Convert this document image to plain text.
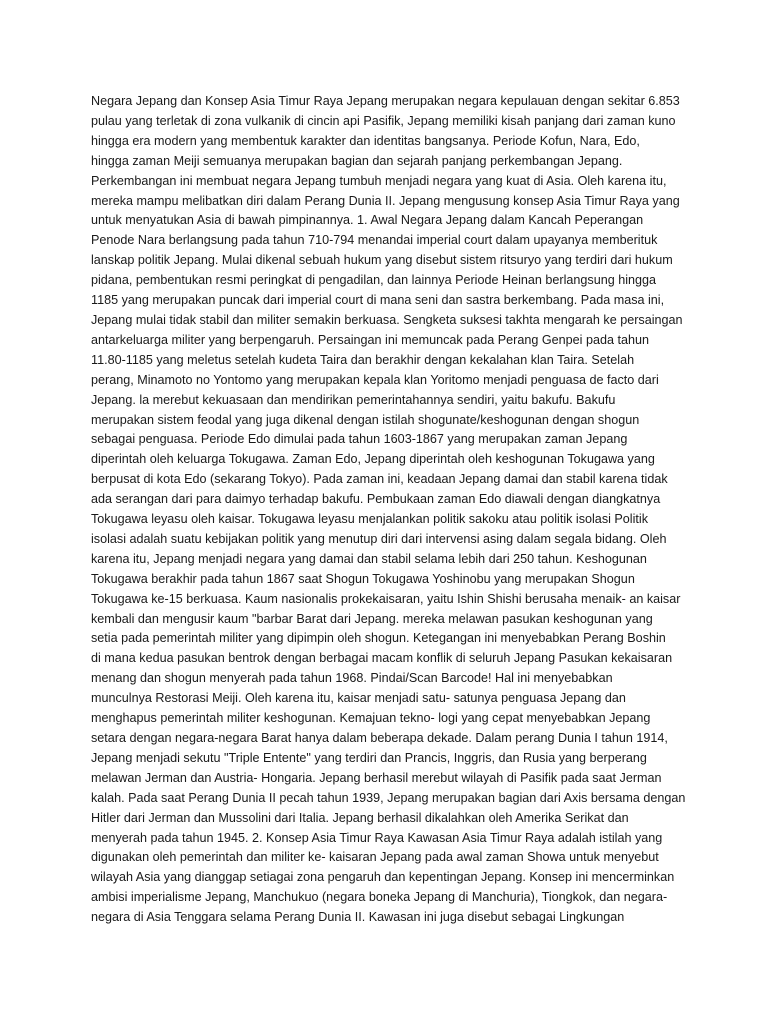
Negara Jepang dan Konsep Asia Timur Raya Jepang merupakan negara kepulauan dengan sekitar 6.853
pulau yang terletak di zona vulkanik di cincin api Pasifik, Jepang memiliki kisah panjang dari zaman kuno
hingga era modern yang membentuk karakter dan identitas bangsanya. Periode Kofun, Nara, Edo,
hingga zaman Meiji semuanya merupakan bagian dan sejarah panjang perkembangan Jepang.
Perkembangan ini membuat negara Jepang tumbuh menjadi negara yang kuat di Asia. Oleh karena itu,
mereka mampu melibatkan diri dalam Perang Dunia II. Jepang mengusung konsep Asia Timur Raya yang
untuk menyatukan Asia di bawah pimpinannya. 1. Awal Negara Jepang dalam Kancah Peperangan
Penode Nara berlangsung pada tahun 710-794 menandai imperial court dalam upayanya memberituk
lanskap politik Jepang. Mulai dikenal sebuah hukum yang disebut sistem ritsuryo yang terdiri dari hukum
pidana, pembentukan resmi peringkat di pengadilan, dan lainnya Periode Heinan berlangsung hingga
1185 yang merupakan puncak dari imperial court di mana seni dan sastra berkembang. Pada masa ini,
Jepang mulai tidak stabil dan militer semakin berkuasa. Sengketa suksesi takhta mengarah ke persaingan
antarkeluarga militer yang berpengaruh. Persaingan ini memuncak pada Perang Genpei pada tahun
11.80-1185 yang meletus setelah kudeta Taira dan berakhir dengan kekalahan klan Taira. Setelah
perang, Minamoto no Yontomo yang merupakan kepala klan Yoritomo menjadi penguasa de facto dari
Jepang. la merebut kekuasaan dan mendirikan pemerintahannya sendiri, yaitu bakufu. Bakufu
merupakan sistem feodal yang juga dikenal dengan istilah shogunate/keshogunan dengan shogun
sebagai penguasa. Periode Edo dimulai pada tahun 1603-1867 yang merupakan zaman Jepang
diperintah oleh keluarga Tokugawa. Zaman Edo, Jepang diperintah oleh keshogunan Tokugawa yang
berpusat di kota Edo (sekarang Tokyo). Pada zaman ini, keadaan Jepang damai dan stabil karena tidak
ada serangan dari para daimyo terhadap bakufu. Pembukaan zaman Edo diawali dengan diangkatnya
Tokugawa leyasu oleh kaisar. Tokugawa leyasu menjalankan politik sakoku atau politik isolasi Politik
isolasi adalah suatu kebijakan politik yang menutup diri dari intervensi asing dalam segala bidang. Oleh
karena itu, Jepang menjadi negara yang damai dan stabil selama lebih dari 250 tahun. Keshogunan
Tokugawa berakhir pada tahun 1867 saat Shogun Tokugawa Yoshinobu yang merupakan Shogun
Tokugawa ke-15 berkuasa. Kaum nasionalis prokekaisaran, yaitu Ishin Shishi berusaha menaik- an kaisar
kembali dan mengusir kaum "barbar Barat dari Jepang. mereka melawan pasukan keshogunan yang
setia pada pemerintah militer yang dipimpin oleh shogun. Ketegangan ini menyebabkan Perang Boshin
di mana kedua pasukan bentrok dengan berbagai macam konflik di seluruh Jepang Pasukan kekaisaran
menang dan shogun menyerah pada tahun 1968. Pindai/Scan Barcode! Hal ini menyebabkan
munculnya Restorasi Meiji. Oleh karena itu, kaisar menjadi satu- satunya penguasa Jepang dan
menghapus pemerintah militer keshogunan. Kemajuan tekno- logi yang cepat menyebabkan Jepang
setara dengan negara-negara Barat hanya dalam beberapa dekade. Dalam perang Dunia I tahun 1914,
Jepang menjadi sekutu "Triple Entente" yang terdiri dan Prancis, Inggris, dan Rusia yang berperang
melawan Jerman dan Austria- Hongaria. Jepang berhasil merebut wilayah di Pasifik pada saat Jerman
kalah. Pada saat Perang Dunia II pecah tahun 1939, Jepang merupakan bagian dari Axis bersama dengan
Hitler dari Jerman dan Mussolini dari Italia. Jepang berhasil dikalahkan oleh Amerika Serikat dan
menyerah pada tahun 1945. 2. Konsep Asia Timur Raya Kawasan Asia Timur Raya adalah istilah yang
digunakan oleh pemerintah dan militer ke- kaisaran Jepang pada awal zaman Showa untuk menyebut
wilayah Asia yang dianggap setiagai zona pengaruh dan kepentingan Jepang. Konsep ini mencerminkan
ambisi imperialisme Jepang, Manchukuo (negara boneka Jepang di Manchuria), Tiongkok, dan negara-
negara di Asia Tenggara selama Perang Dunia II. Kawasan ini juga disebut sebagai Lingkungan
